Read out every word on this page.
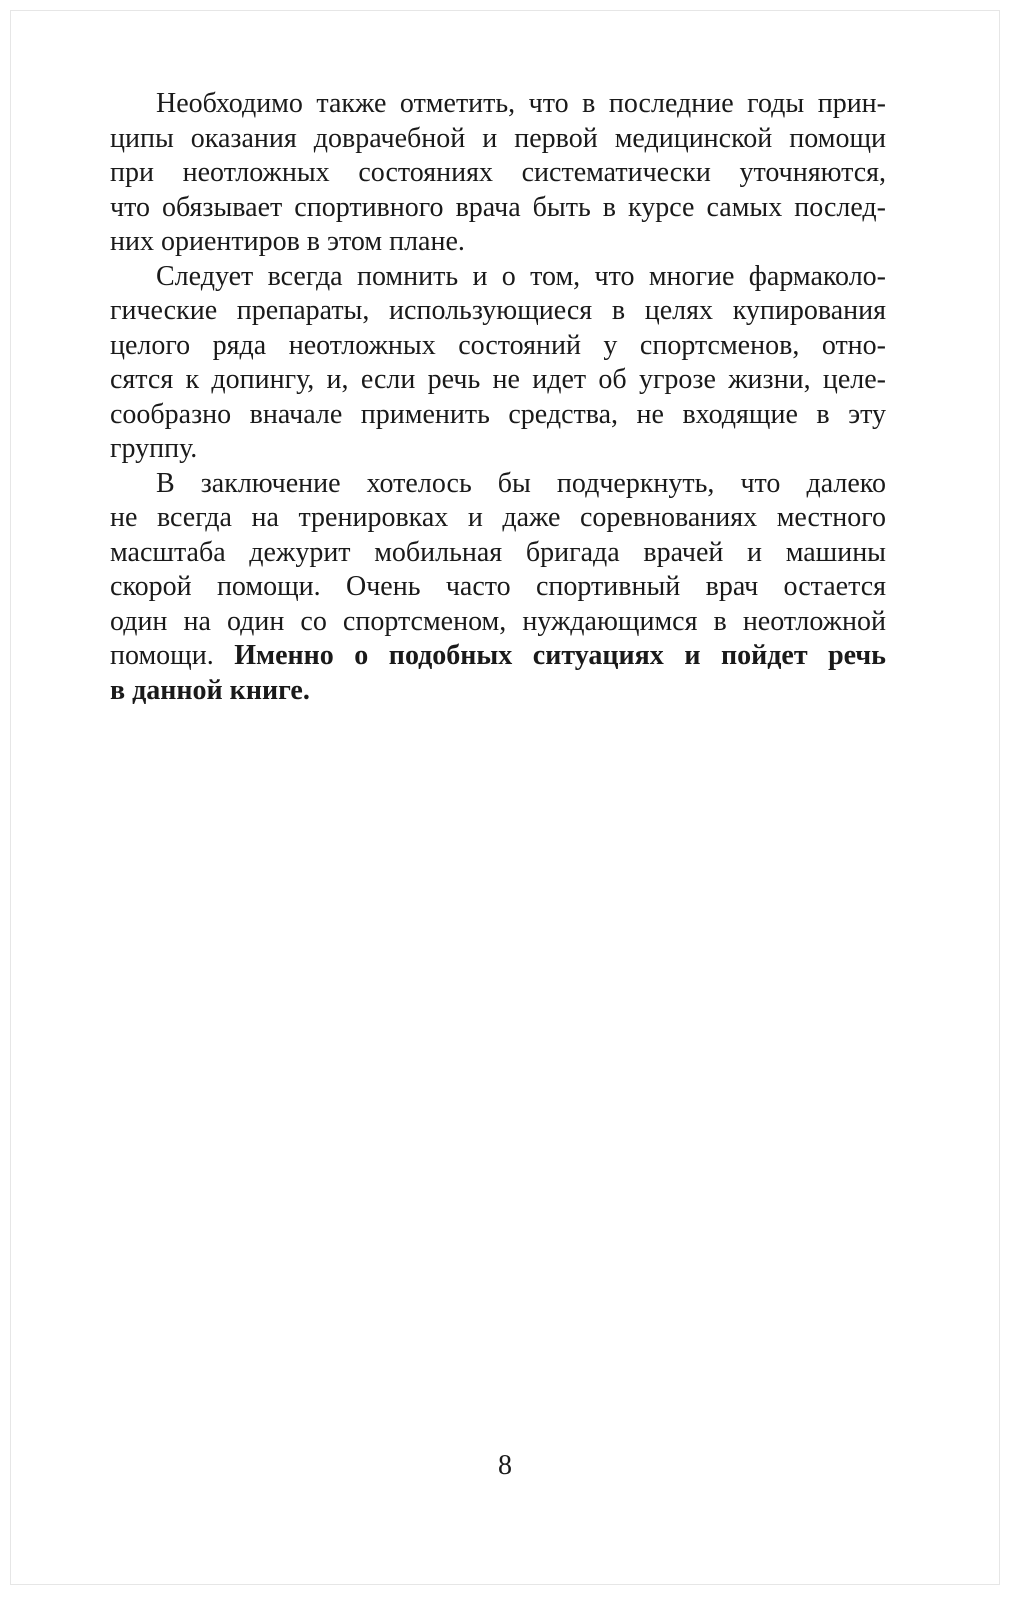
Необходимо также отметить, что в последние годы прин-
ципы оказания доврачебной и первой медицинской помощи
при неотложных состояниях систематически уточняются,
что обязывает спортивного врача быть в курсе самых послед-
них ориентиров в этом плане.
Следует всегда помнить и о том, что многие фармаколо-
гические препараты, использующиеся в целях купирования
целого ряда неотложных состояний у спортсменов, отно-
сятся к допингу, и, если речь не идет об угрозе жизни, целе-
сообразно вначале применить средства, не входящие в эту
группу.
В заключение хотелось бы подчеркнуть, что далеко
не всегда на тренировках и даже соревнованиях местного
масштаба дежурит мобильная бригада врачей и машины
скорой помощи. Очень часто спортивный врач остается
один на один со спортсменом, нуждающимся в неотложной
помощи. Именно о подобных ситуациях и пойдет речь
в данной книге.
8
